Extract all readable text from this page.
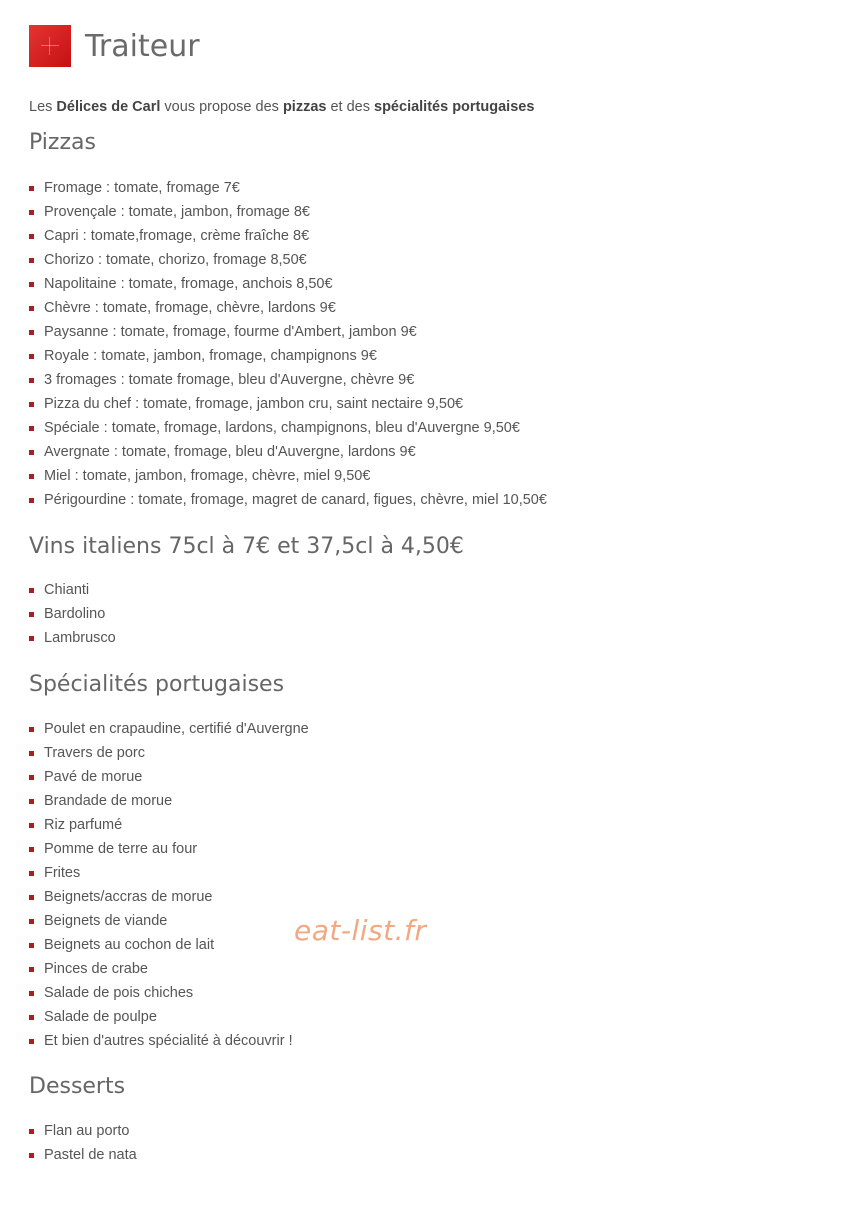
Traiteur
Les Délices de Carl vous propose des pizzas et des spécialités portugaises
Pizzas
Fromage : tomate, fromage 7€
Provençale : tomate, jambon, fromage 8€
Capri : tomate,fromage, crème fraîche 8€
Chorizo : tomate, chorizo, fromage 8,50€
Napolitaine : tomate, fromage, anchois 8,50€
Chèvre : tomate, fromage, chèvre, lardons 9€
Paysanne : tomate, fromage, fourme d'Ambert, jambon 9€
Royale : tomate, jambon, fromage, champignons 9€
3 fromages : tomate fromage, bleu d'Auvergne, chèvre 9€
Pizza du chef : tomate, fromage, jambon cru, saint nectaire 9,50€
Spéciale : tomate, fromage, lardons, champignons, bleu d'Auvergne 9,50€
Avergnate : tomate, fromage, bleu d'Auvergne, lardons 9€
Miel : tomate, jambon, fromage, chèvre, miel 9,50€
Périgourdine : tomate, fromage, magret de canard, figues, chèvre, miel 10,50€
Vins italiens 75cl à 7€ et 37,5cl à 4,50€
Chianti
Bardolino
Lambrusco
Spécialités portugaises
Poulet en crapaudine, certifié d'Auvergne
Travers de porc
Pavé de morue
Brandade de morue
Riz parfumé
Pomme de terre au four
Frites
Beignets/accras de morue
Beignets de viande
Beignets au cochon de lait
Pinces de crabe
Salade de pois chiches
Salade de poulpe
Et bien d'autres spécialité à découvrir !
Desserts
Flan au porto
Pastel de nata
eat-list.fr
